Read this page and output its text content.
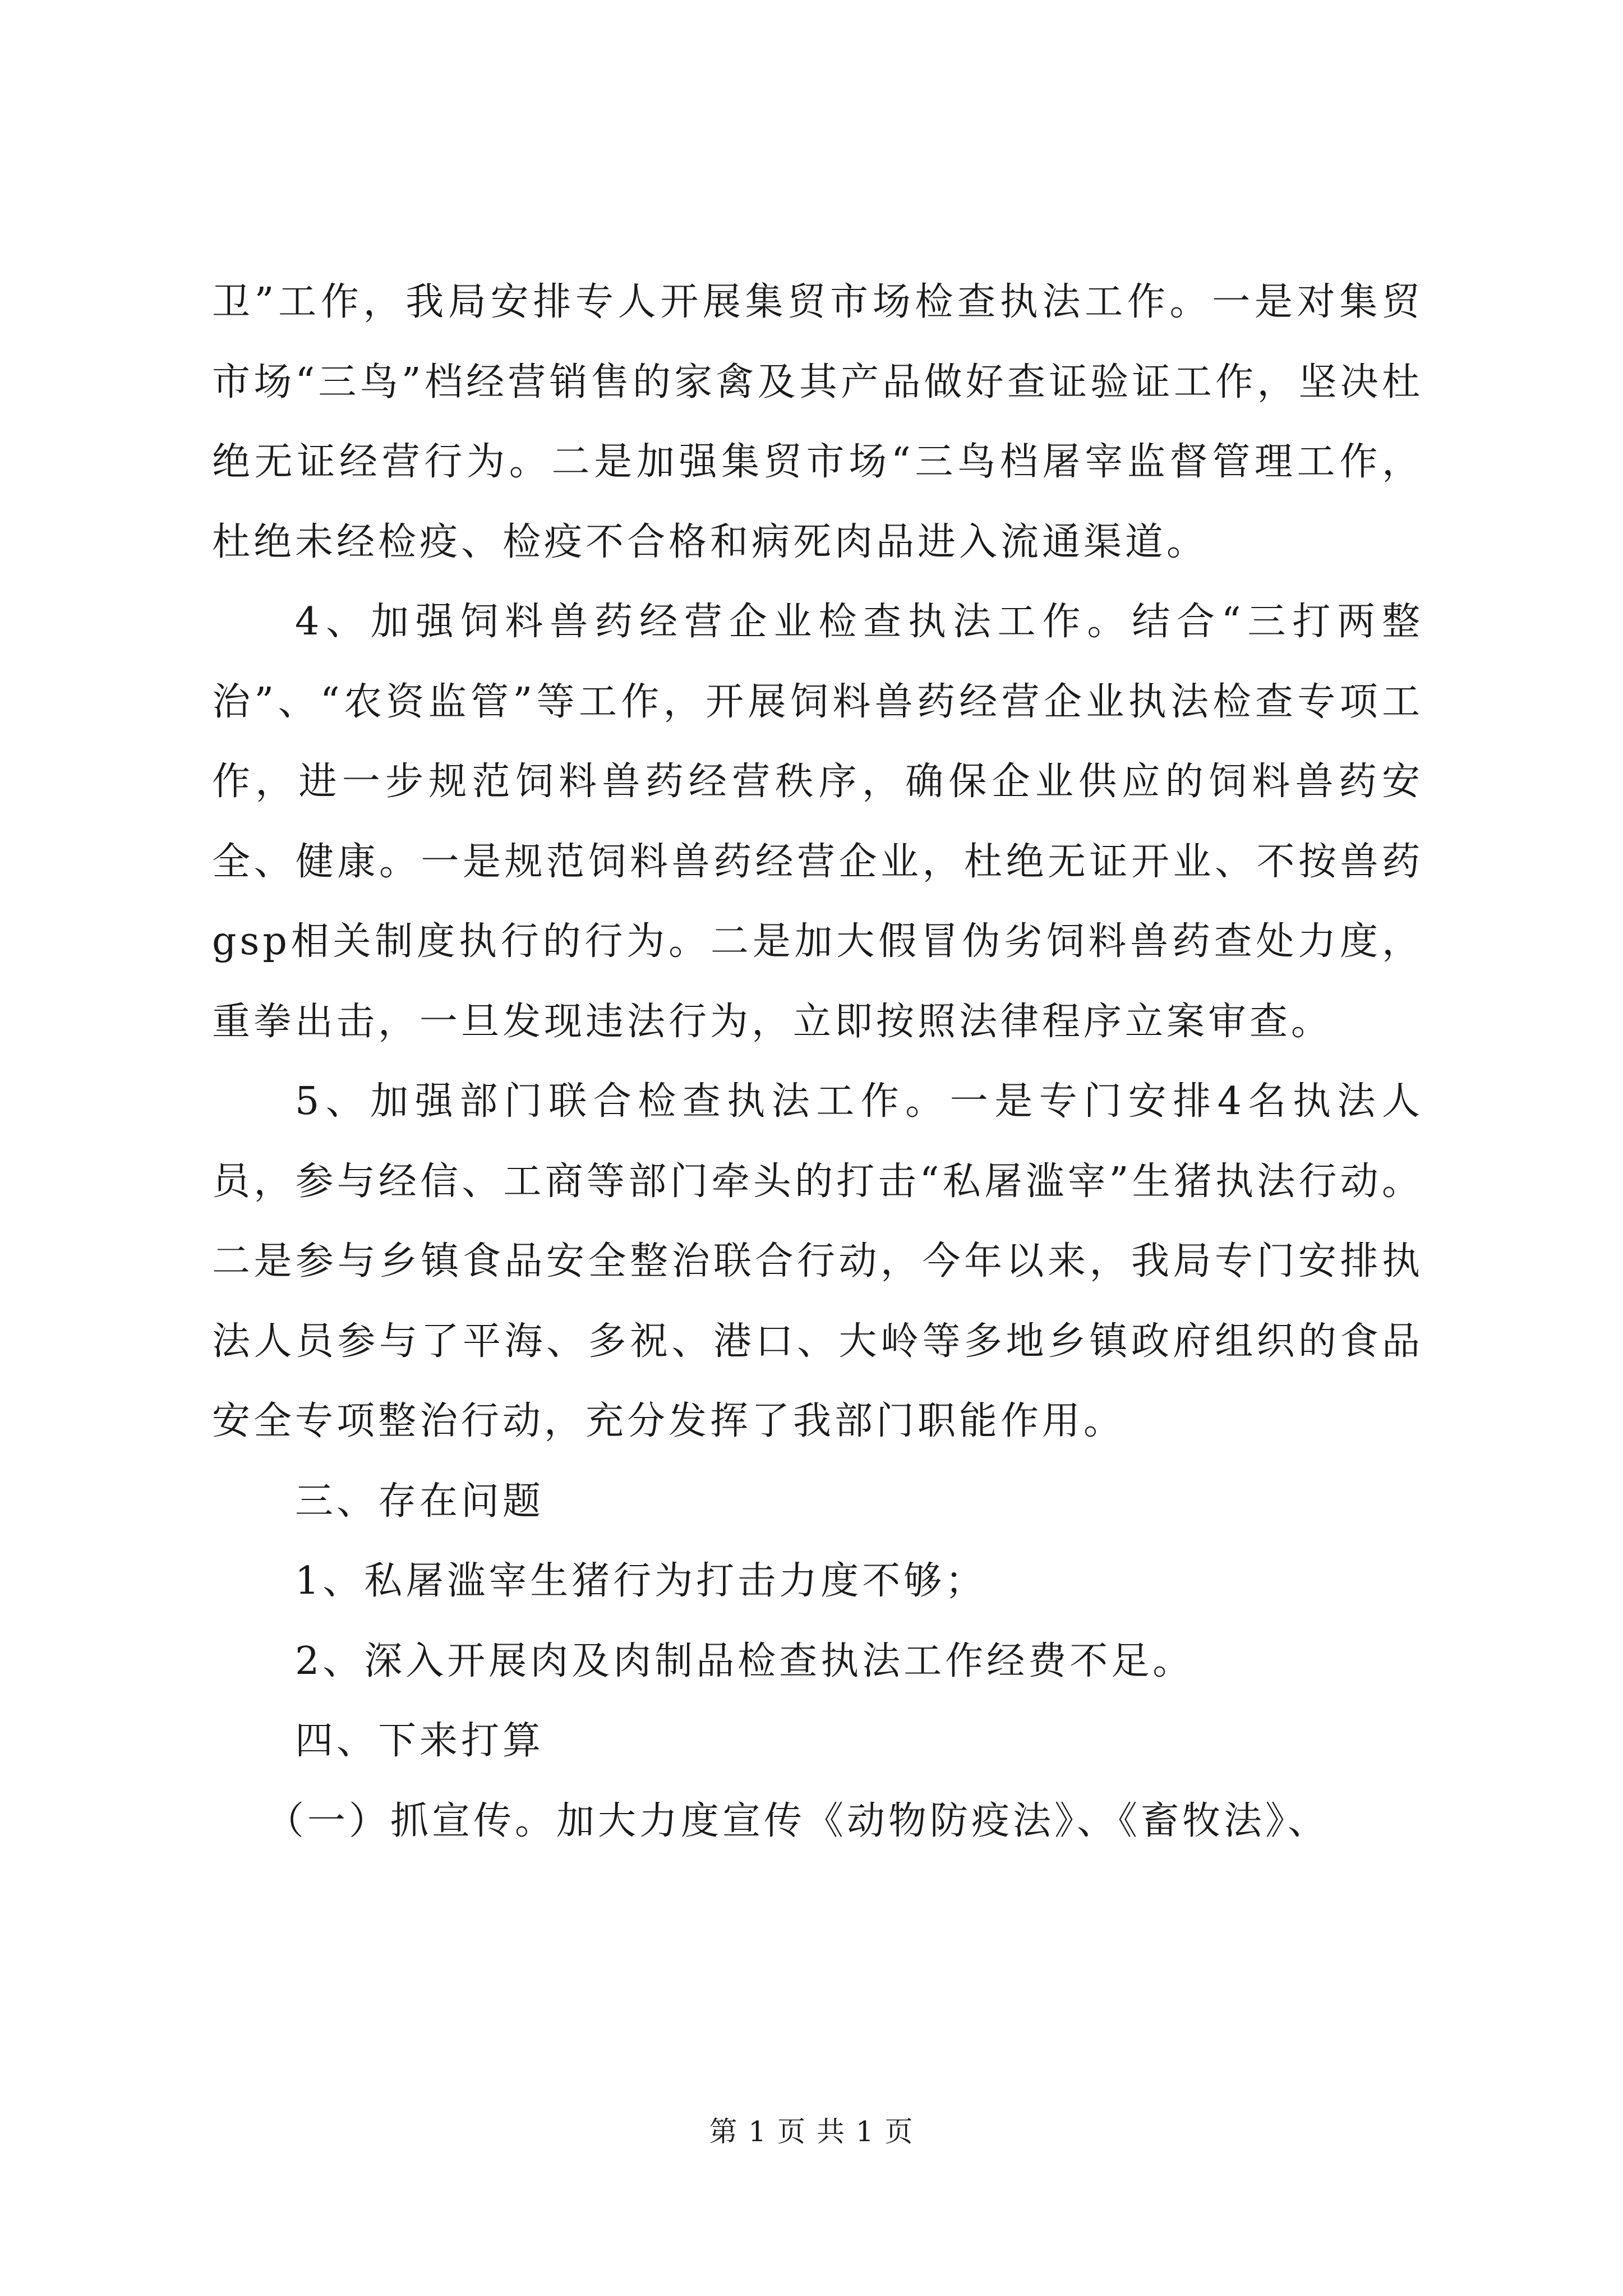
卫”工作，我局安排专人开展集贸市场检查执法工作。一是对集贸市场“三鸟”档经营销售的家禽及其产品做好查证验证工作，坚决杜绝无证经营行为。二是加强集贸市场“三鸟档屠宰监督管理工作，杜绝未经检疫、检疫不合格和病死肉品进入流通渠道。

4、加强饲料兽药经营企业检查执法工作。结合“三打两整治”、“农资监管”等工作，开展饲料兽药经营企业执法检查专项工作，进一步规范饲料兽药经营秩序，确保企业供应的饲料兽药安全、健康。一是规范饲料兽药经营企业，杜绝无证开业、不按兽药gsp相关制度执行的行为。二是加大假冒伪劣饲料兽药查处力度，重拳出击，一旦发现违法行为，立即按照法律程序立案审查。

5、加强部门联合检查执法工作。一是专门安排4名执法人员，参与经信、工商等部门牵头的打击“私屠滥宰”生猪执法行动。二是参与乡镇食品安全整治联合行动，今年以来，我局专门安排执法人员参与了平海、多祝、港口、大岭等多地乡镇政府组织的食品安全专项整治行动，充分发挥了我部门职能作用。

三、存在问题

1、私屠滥宰生猪行为打击力度不够；

2、深入开展肉及肉制品检查执法工作经费不足。

四、下来打算

（一）抓宣传。加大力度宣传《动物防疫法》、《畜牧法》、

第 1 页 共 1 页
